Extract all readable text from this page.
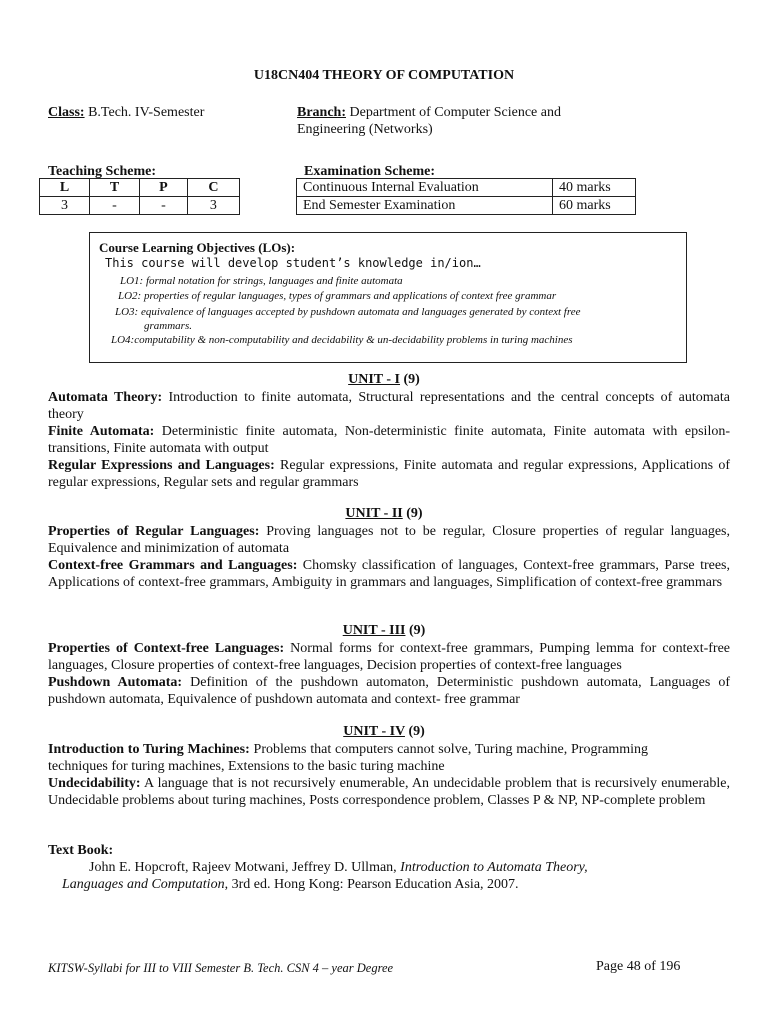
U18CN404 THEORY OF COMPUTATION
Class: B.Tech. IV-Semester	Branch: Department of Computer Science and
Engineering (Networks)
Teaching Scheme:
L	T	P	C
3	-	-	3
Examination Scheme:
Continuous Internal Evaluation	40 marks
End Semester Examination	60 marks
Course Learning Objectives (LOs):
This course will develop student’s knowledge in/ion…
LO1: formal notation for strings, languages and finite automata
LO2: properties of regular languages, types of grammars and applications of context free grammar
LO3: equivalence of languages accepted by pushdown automata and languages generated by context free
grammars.
LO4:computability & non-computability and decidability & un-decidability problems in turing machines
UNIT - I (9)
Automata Theory: Introduction to finite automata, Structural representations and the central concepts of automata theory
Finite Automata: Deterministic finite automata, Non-deterministic finite automata, Finite automata with epsilon-transitions, Finite automata with output
Regular Expressions and Languages: Regular expressions, Finite automata and regular expressions, Applications of regular expressions, Regular sets and regular grammars
UNIT - II (9)
Properties of Regular Languages: Proving languages not to be regular, Closure properties of regular languages, Equivalence and minimization of automata
Context-free Grammars and Languages: Chomsky classification of languages, Context-free grammars, Parse trees, Applications of context-free grammars, Ambiguity in grammars and languages, Simplification of context-free grammars
UNIT - III (9)
Properties of Context-free Languages: Normal forms for context-free grammars, Pumping lemma for context-free languages, Closure properties of context-free languages, Decision properties of context-free languages
Pushdown Automata: Definition of the pushdown automaton, Deterministic pushdown automata, Languages of pushdown automata, Equivalence of pushdown automata and context- free grammar
UNIT - IV (9)
Introduction to Turing Machines: Problems that computers cannot solve, Turing machine, Programming techniques for turing machines, Extensions to the basic turing machine
Undecidability: A language that is not recursively enumerable, An undecidable problem that is recursively enumerable, Undecidable problems about turing machines, Posts correspondence problem, Classes P & NP, NP-complete problem
Text Book:
John E. Hopcroft, Rajeev Motwani, Jeffrey D. Ullman, Introduction to Automata Theory,
Languages and Computation, 3rd ed. Hong Kong: Pearson Education Asia, 2007.
KITSW-Syllabi for III to VIII Semester B. Tech. CSN 4 – year Degree	Page 48 of 196
